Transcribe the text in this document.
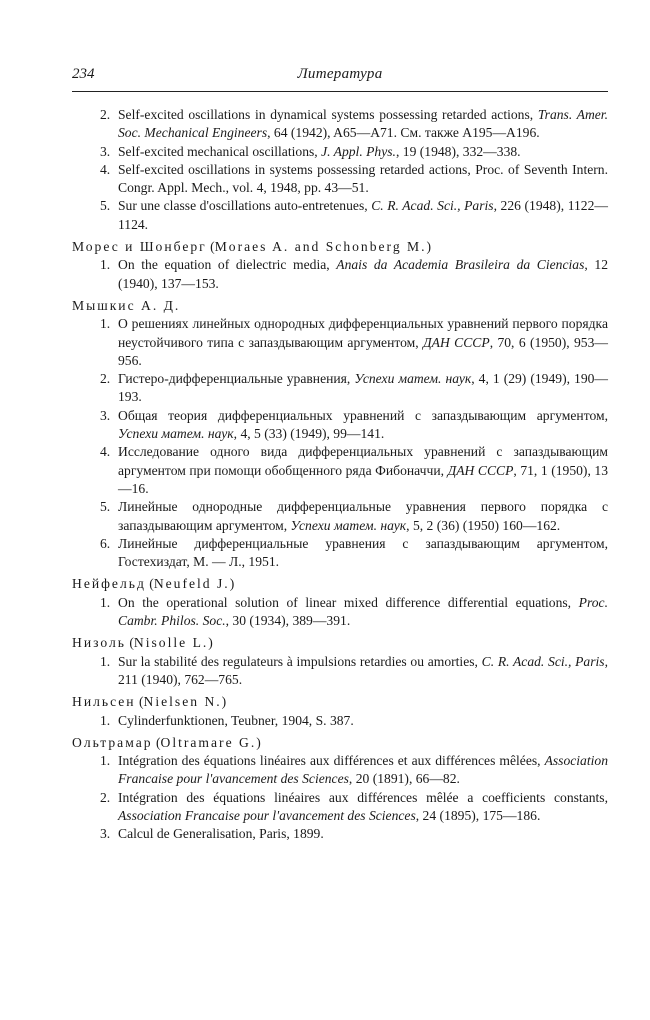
234	Литература
2. Self-excited oscillations in dynamical systems possessing retarded actions, Trans. Amer. Soc. Mechanical Engineers, 64 (1942), A65—A71. См. также A195—A196.
3. Self-excited mechanical oscillations, J. Appl. Phys., 19 (1948), 332—338.
4. Self-excited oscillations in systems possessing retarded actions, Proc. of Seventh Intern. Congr. Appl. Mech., vol. 4, 1948, pp. 43—51.
5. Sur une classe d'oscillations auto-entretenues, C. R. Acad. Sci., Paris, 226 (1948), 1122—1124.
Морес и Шонберг (Moraes A. and Schonberg M.)
1. On the equation of dielectric media, Anais da Academia Brasileira da Ciencias, 12 (1940), 137—153.
Мышкис А. Д.
1. О решениях линейных однородных дифференциальных уравнений первого порядка неустойчивого типа с запаздывающим аргументом, ДАН СССР, 70, 6 (1950), 953—956.
2. Гистеро-дифференциальные уравнения, Успехи матем. наук, 4, 1 (29) (1949), 190—193.
3. Общая теория дифференциальных уравнений с запаздывающим аргументом, Успехи матем. наук, 4, 5 (33) (1949), 99—141.
4. Исследование одного вида дифференциальных уравнений с запаздывающим аргументом при помощи обобщенного ряда Фибоначчи, ДАН СССР, 71, 1 (1950), 13—16.
5. Линейные однородные дифференциальные уравнения первого порядка с запаздывающим аргументом, Успехи матем. наук, 5, 2 (36) (1950) 160—162.
6. Линейные дифференциальные уравнения с запаздывающим аргументом, Гостехиздат, М. — Л., 1951.
Нейфельд (Neufeld J.)
1. On the operational solution of linear mixed difference differential equations, Proc. Cambr. Philos. Soc., 30 (1934), 389—391.
Низоль (Nisolle L.)
1. Sur la stabilité des regulateurs à impulsions retardies ou amorties, C. R. Acad. Sci., Paris, 211 (1940), 762—765.
Нильсен (Nielsen N.)
1. Cylinderfunktionen, Teubner, 1904, S. 387.
Ольтрамар (Oltramare G.)
1. Intégration des équations linéaires aux différences et aux différences mêlées, Association Francaise pour l'avancement des Sciences, 20 (1891), 66—82.
2. Intégration des équations linéaires aux différences mêlée a coefficients constants, Association Francaise pour l'avancement des Sciences, 24 (1895), 175—186.
3. Calcul de Generalisation, Paris, 1899.
